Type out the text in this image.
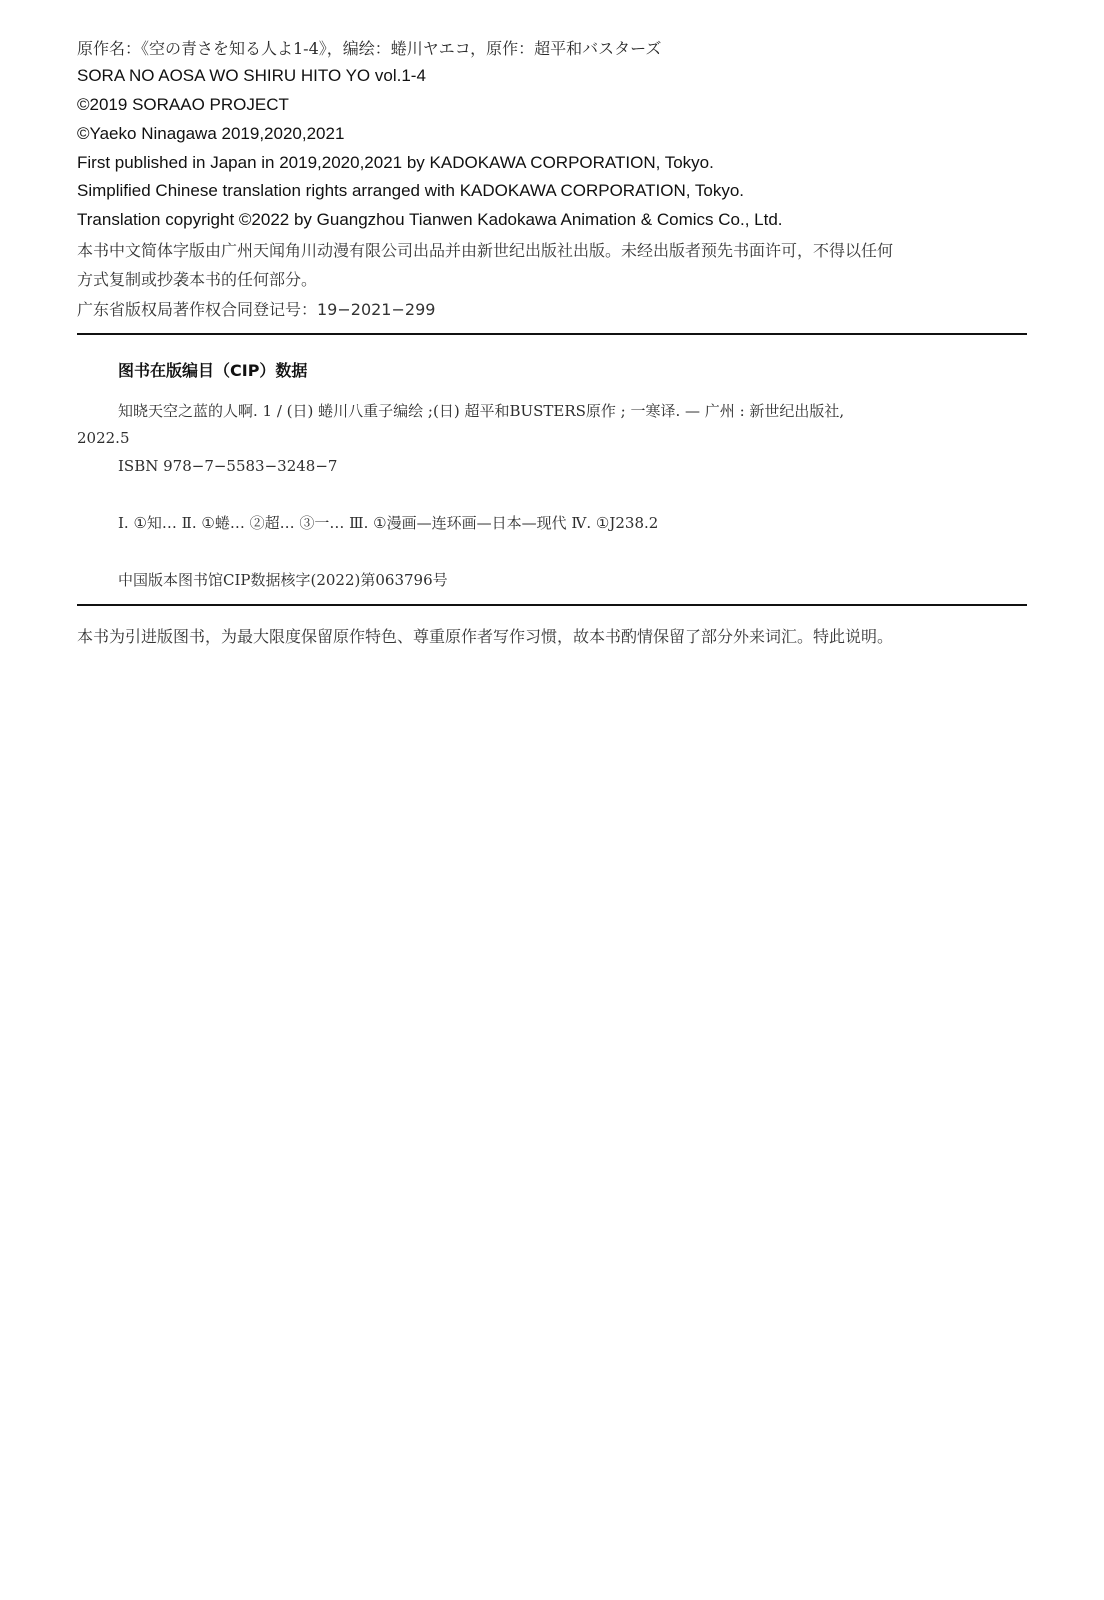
原作名：《空の青さを知る人よ1-4》，编绘：蜷川ヤエコ，原作：超平和バスターズ
SORA NO AOSA WO SHIRU HITO YO vol.1-4
©2019 SORAAO PROJECT
©Yaeko Ninagawa 2019,2020,2021
First published in Japan in 2019,2020,2021 by KADOKAWA CORPORATION, Tokyo.
Simplified Chinese translation rights arranged with KADOKAWA CORPORATION, Tokyo.
Translation copyright ©2022 by Guangzhou Tianwen Kadokawa Animation & Comics Co., Ltd.
本书中文简体字版由广州天闻角川动漫有限公司出品并由新世纪出版社出版。未经出版者预先书面许可，不得以任何
方式复制或抄袭本书的任何部分。
广东省版权局著作权合同登记号：19−2021−299
图书在版编目（CIP）数据
知晓天空之蓝的人啊. 1 / (日) 蜷川八重子编绘 ;(日) 超平和BUSTERS原作 ; 一寒译. — 广州 : 新世纪出版社,
2022.5
ISBN 978−7−5583−3248−7
Ⅰ. ①知… Ⅱ. ①蜷… ②超… ③一… Ⅲ. ①漫画—连环画—日本—现代 Ⅳ. ①J238.2
中国版本图书馆CIP数据核字(2022)第063796号
本书为引进版图书，为最大限度保留原作特色、尊重原作者写作习惯，故本书酌情保留了部分外来词汇。特此说明。
